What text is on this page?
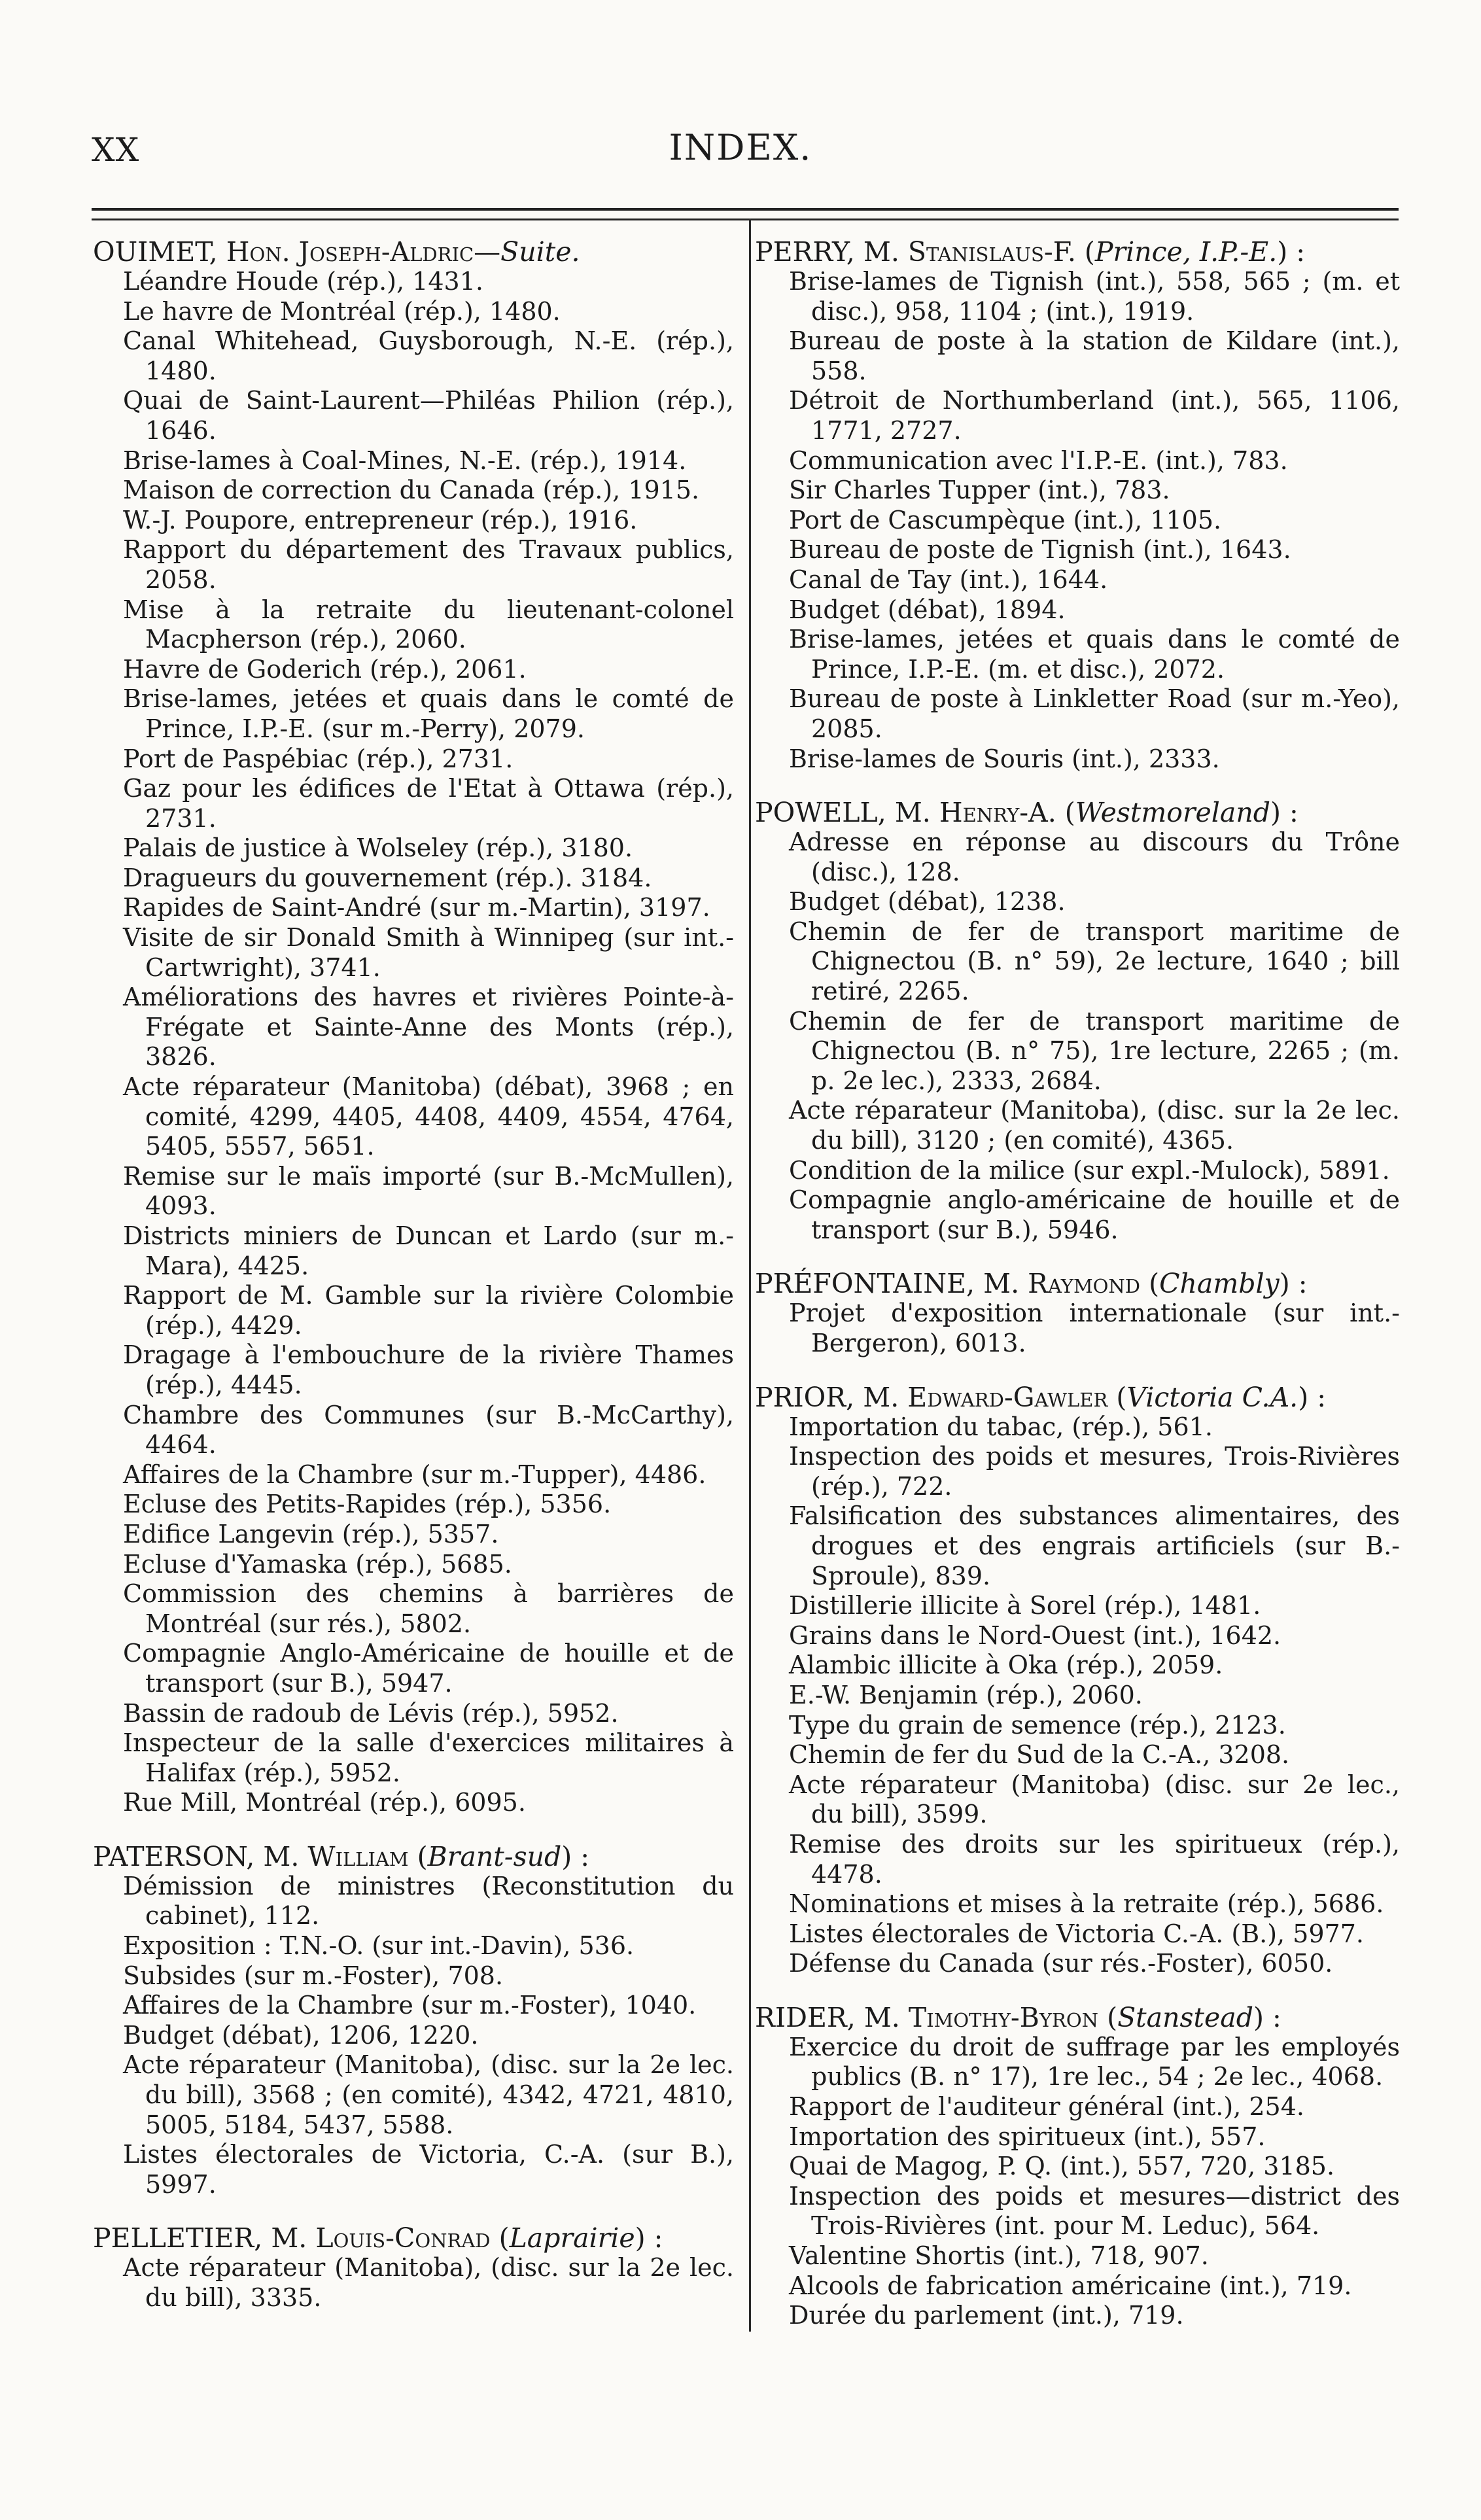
XX	INDEX.

OUIMET, Hon. Joseph-Aldric—Suite.

Léandre Houde (rép.), 1431.
Le havre de Montréal (rép.), 1480.
Canal Whitehead, Guysborough, N.-E. (rép.), 1480.
Quai de Saint-Laurent—Philéas Philion (rép.), 1646.
Brise-lames à Coal-Mines, N.-E. (rép.), 1914.
Maison de correction du Canada (rép.), 1915.
W.-J. Poupore, entrepreneur (rép.), 1916.
Rapport du département des Travaux publics, 2058.
Mise à la retraite du lieutenant-colonel Macpherson (rép.), 2060.
Havre de Goderich (rép.), 2061.
Brise-lames, jetées et quais dans le comté de Prince, I.P.-E. (sur m.-Perry), 2079.
Port de Paspébiac (rép.), 2731.
Gaz pour les édifices de l'Etat à Ottawa (rép.), 2731.
Palais de justice à Wolseley (rép.), 3180.
Dragueurs du gouvernement (rép.). 3184.
Rapides de Saint-André (sur m.-Martin), 3197.
Visite de sir Donald Smith à Winnipeg (sur int.-Cartwright), 3741.
Améliorations des havres et rivières Pointe-à-Frégate et Sainte-Anne des Monts (rép.), 3826.
Acte réparateur (Manitoba) (débat), 3968 ; en comité, 4299, 4405, 4408, 4409, 4554, 4764, 5405, 5557, 5651.
Remise sur le maïs importé (sur B.-McMullen), 4093.
Districts miniers de Duncan et Lardo (sur m.-Mara), 4425.
Rapport de M. Gamble sur la rivière Colombie (rép.), 4429.
Dragage à l'embouchure de la rivière Thames (rép.), 4445.
Chambre des Communes (sur B.-McCarthy), 4464.
Affaires de la Chambre (sur m.-Tupper), 4486.
Ecluse des Petits-Rapides (rép.), 5356.
Edifice Langevin (rép.), 5357.
Ecluse d'Yamaska (rép.), 5685.
Commission des chemins à barrières de Montréal (sur rés.), 5802.
Compagnie Anglo-Américaine de houille et de transport (sur B.), 5947.
Bassin de radoub de Lévis (rép.), 5952.
Inspecteur de la salle d'exercices militaires à Halifax (rép.), 5952.
Rue Mill, Montréal (rép.), 6095.

PATERSON, M. William (Brant-sud) :

Démission de ministres (Reconstitution du cabinet), 112.
Exposition : T.N.-O. (sur int.-Davin), 536.
Subsides (sur m.-Foster), 708.
Affaires de la Chambre (sur m.-Foster), 1040.
Budget (débat), 1206, 1220.
Acte réparateur (Manitoba), (disc. sur la 2e lec. du bill), 3568 ; (en comité), 4342, 4721, 4810, 5005, 5184, 5437, 5588.
Listes électorales de Victoria, C.-A. (sur B.), 5997.

PELLETIER, M. Louis-Conrad (Laprairie) :

Acte réparateur (Manitoba), (disc. sur la 2e lec. du bill), 3335.

PERRY, M. Stanislaus-F. (Prince, I.P.-E.) :

Brise-lames de Tignish (int.), 558, 565 ; (m. et disc.), 958, 1104 ; (int.), 1919.
Bureau de poste à la station de Kildare (int.), 558.
Détroit de Northumberland (int.), 565, 1106, 1771, 2727.
Communication avec l'I.P.-E. (int.), 783.
Sir Charles Tupper (int.), 783.
Port de Cascumpèque (int.), 1105.
Bureau de poste de Tignish (int.), 1643.
Canal de Tay (int.), 1644.
Budget (débat), 1894.
Brise-lames, jetées et quais dans le comté de Prince, I.P.-E. (m. et disc.), 2072.
Bureau de poste à Linkletter Road (sur m.-Yeo), 2085.
Brise-lames de Souris (int.), 2333.

POWELL, M. Henry-A. (Westmoreland) :

Adresse en réponse au discours du Trône (disc.), 128.
Budget (débat), 1238.
Chemin de fer de transport maritime de Chignectou (B. n° 59), 2e lecture, 1640 ; bill retiré, 2265.
Chemin de fer de transport maritime de Chignectou (B. n° 75), 1re lecture, 2265 ; (m. p. 2e lec.), 2333, 2684.
Acte réparateur (Manitoba), (disc. sur la 2e lec. du bill), 3120 ; (en comité), 4365.
Condition de la milice (sur expl.-Mulock), 5891.
Compagnie anglo-américaine de houille et de transport (sur B.), 5946.

PRÉFONTAINE, M. Raymond (Chambly) :

Projet d'exposition internationale (sur int.-Bergeron), 6013.

PRIOR, M. Edward-Gawler (Victoria C.A.) :

Importation du tabac, (rép.), 561.
Inspection des poids et mesures, Trois-Rivières (rép.), 722.
Falsification des substances alimentaires, des drogues et des engrais artificiels (sur B.-Sproule), 839.
Distillerie illicite à Sorel (rép.), 1481.
Grains dans le Nord-Ouest (int.), 1642.
Alambic illicite à Oka (rép.), 2059.
E.-W. Benjamin (rép.), 2060.
Type du grain de semence (rép.), 2123.
Chemin de fer du Sud de la C.-A., 3208.
Acte réparateur (Manitoba) (disc. sur 2e lec., du bill), 3599.
Remise des droits sur les spiritueux (rép.), 4478.
Nominations et mises à la retraite (rép.), 5686.
Listes électorales de Victoria C.-A. (B.), 5977.
Défense du Canada (sur rés.-Foster), 6050.

RIDER, M. Timothy-Byron (Stanstead) :

Exercice du droit de suffrage par les employés publics (B. n° 17), 1re lec., 54 ; 2e lec., 4068.
Rapport de l'auditeur général (int.), 254.
Importation des spiritueux (int.), 557.
Quai de Magog, P. Q. (int.), 557, 720, 3185.
Inspection des poids et mesures—district des Trois-Rivières (int. pour M. Leduc), 564.
Valentine Shortis (int.), 718, 907.
Alcools de fabrication américaine (int.), 719.
Durée du parlement (int.), 719.
